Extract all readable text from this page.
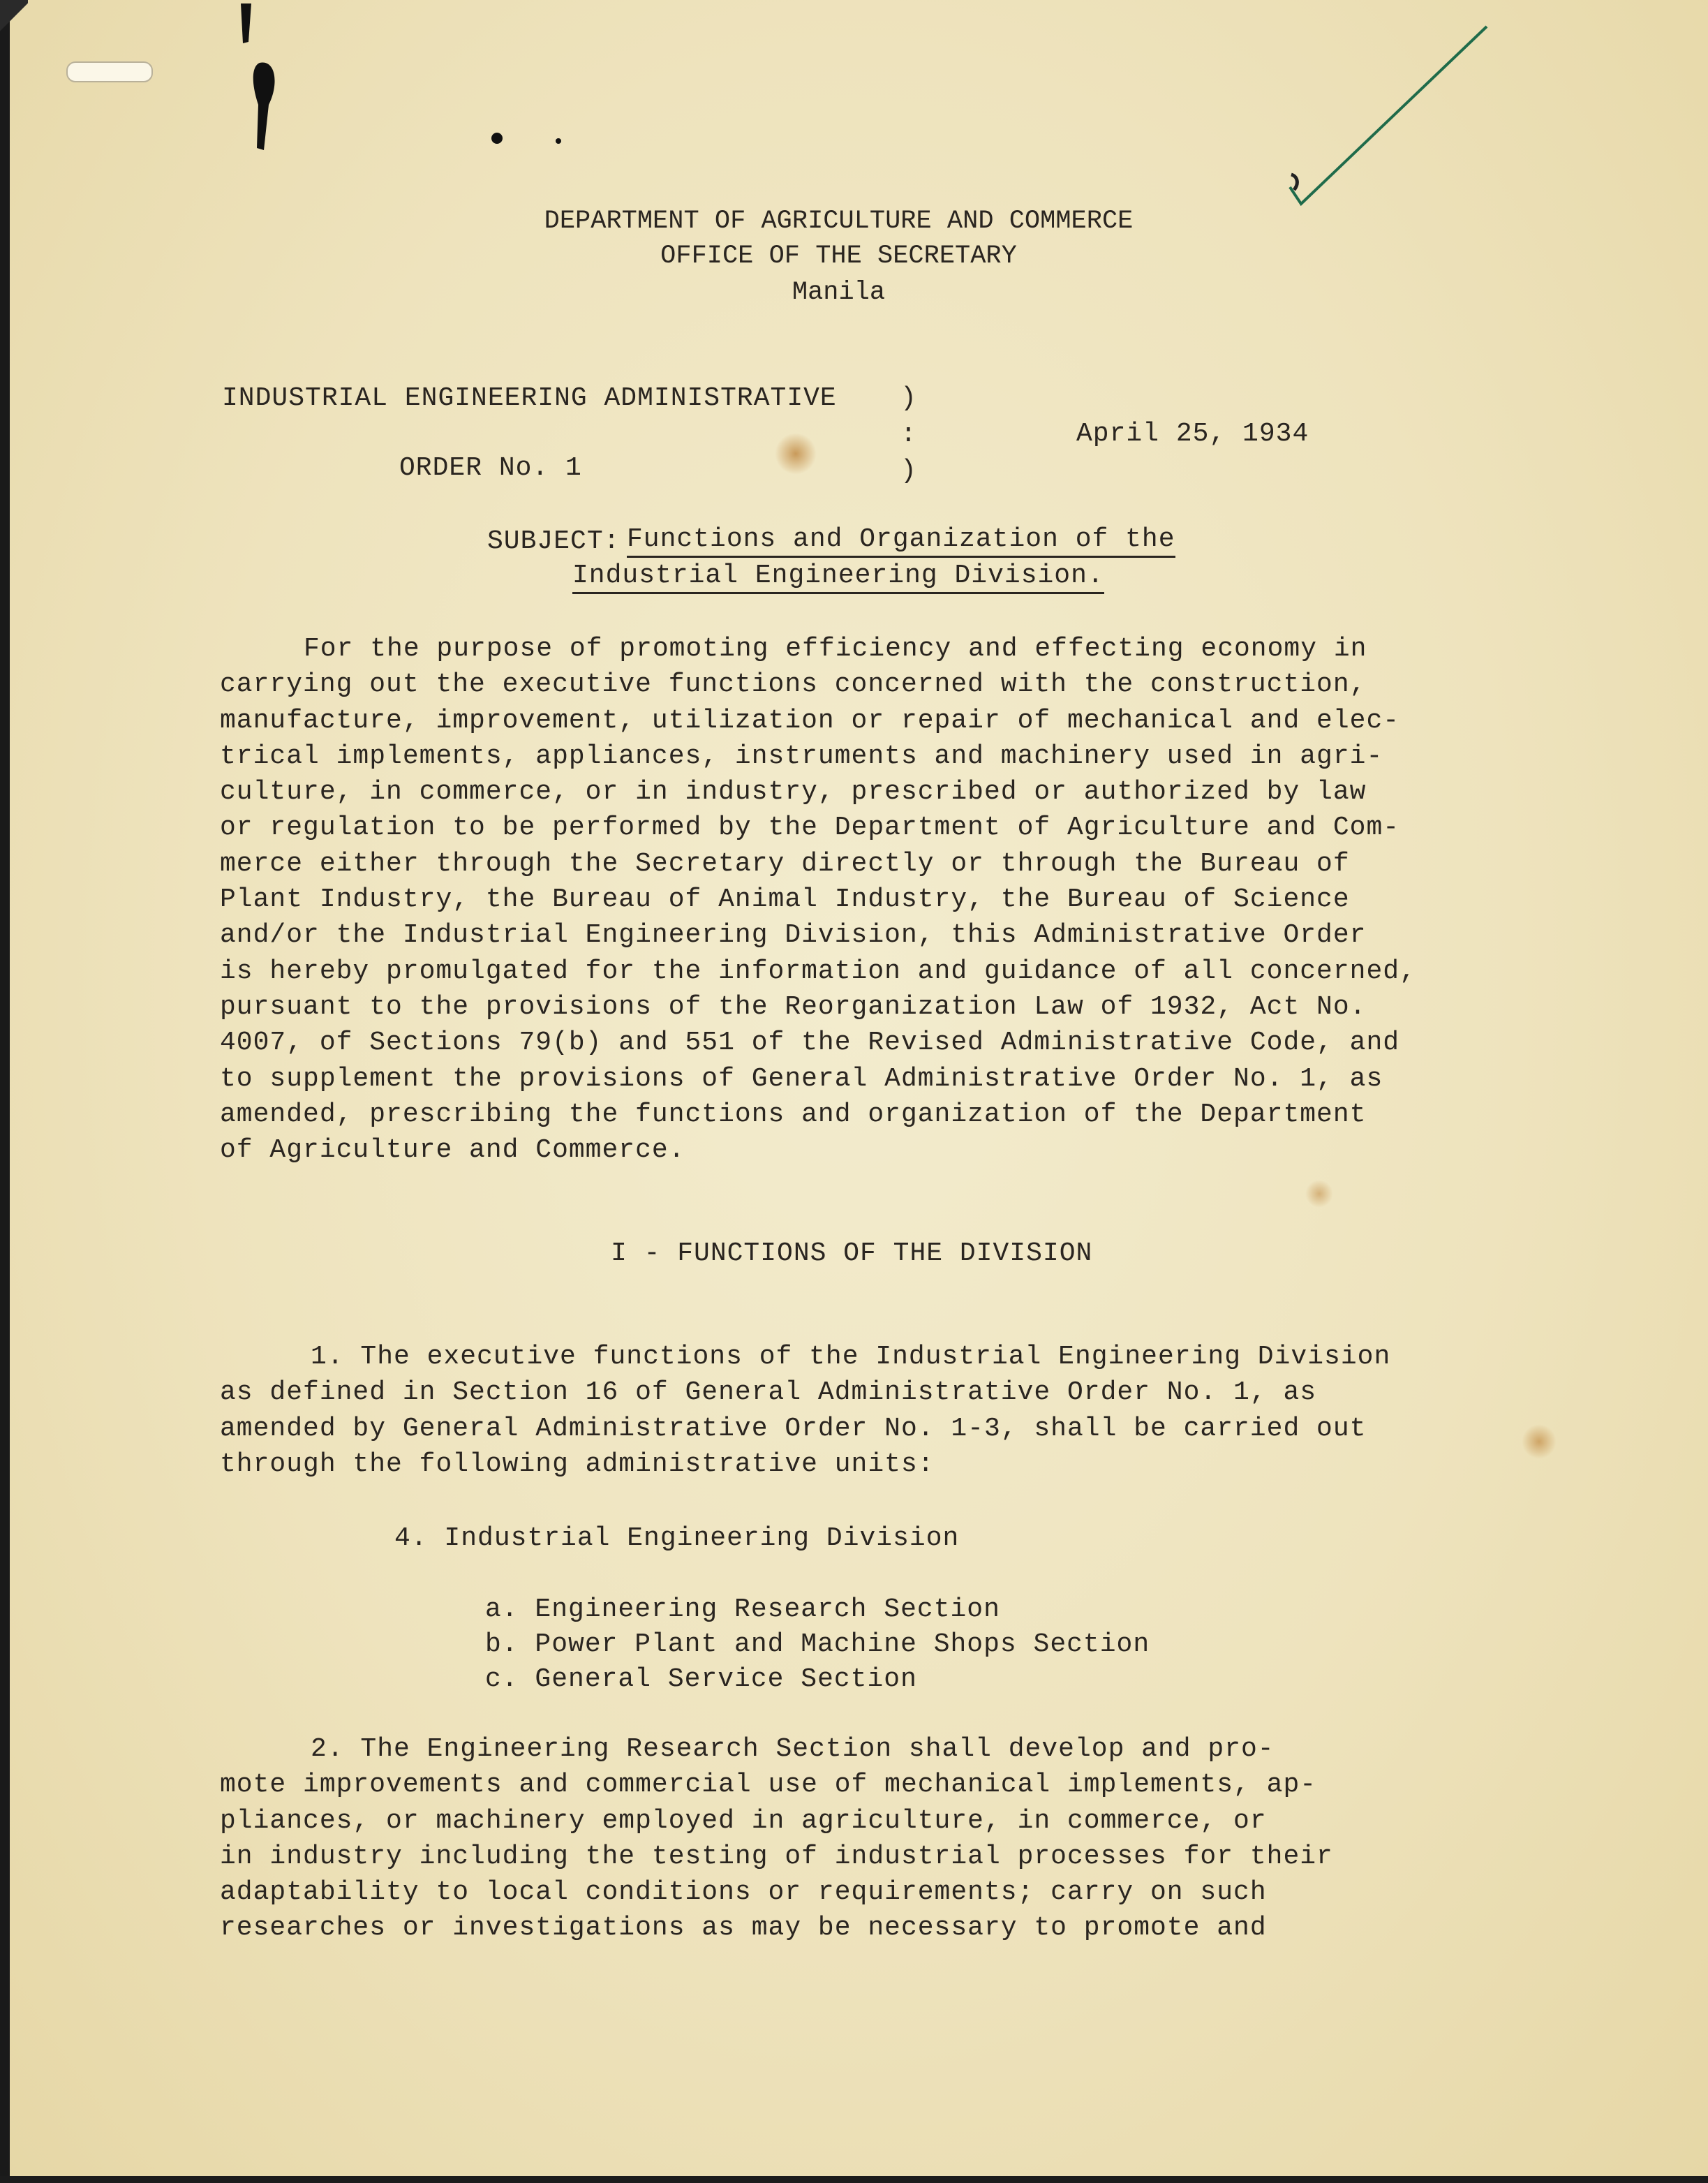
DEPARTMENT OF AGRICULTURE AND COMMERCE
OFFICE OF THE SECRETARY
Manila
INDUSTRIAL ENGINEERING ADMINISTRATIVE
ORDER No. 1
)
:
)
April 25, 1934
SUBJECT: Functions and Organization of the
Industrial Engineering Division.
For the purpose of promoting efficiency and effecting economy in
carrying out the executive functions concerned with the construction,
manufacture, improvement, utilization or repair of mechanical and elec-
trical implements, appliances, instruments and machinery used in agri-
culture, in commerce, or in industry, prescribed or authorized by law
or regulation to be performed by the Department of Agriculture and Com-
merce either through the Secretary directly or through the Bureau of
Plant Industry, the Bureau of Animal Industry, the Bureau of Science
and/or the Industrial Engineering Division, this Administrative Order
is hereby promulgated for the information and guidance of all concerned,
pursuant to the provisions of the Reorganization Law of 1932, Act No.
4007, of Sections 79(b) and 551 of the Revised Administrative Code, and
to supplement the provisions of General Administrative Order No. 1, as
amended, prescribing the functions and organization of the Department
of Agriculture and Commerce.
I - FUNCTIONS OF THE DIVISION
1. The executive functions of the Industrial Engineering Division
as defined in Section 16 of General Administrative Order No. 1, as
amended by General Administrative Order No. 1-3, shall be carried out
through the following administrative units:
4. Industrial Engineering Division
a. Engineering Research Section
b. Power Plant and Machine Shops Section
c. General Service Section
2. The Engineering Research Section shall develop and pro-
mote improvements and commercial use of mechanical implements, ap-
pliances, or machinery employed in agriculture, in commerce, or
in industry including the testing of industrial processes for their
adaptability to local conditions or requirements; carry on such
researches or investigations as may be necessary to promote and
